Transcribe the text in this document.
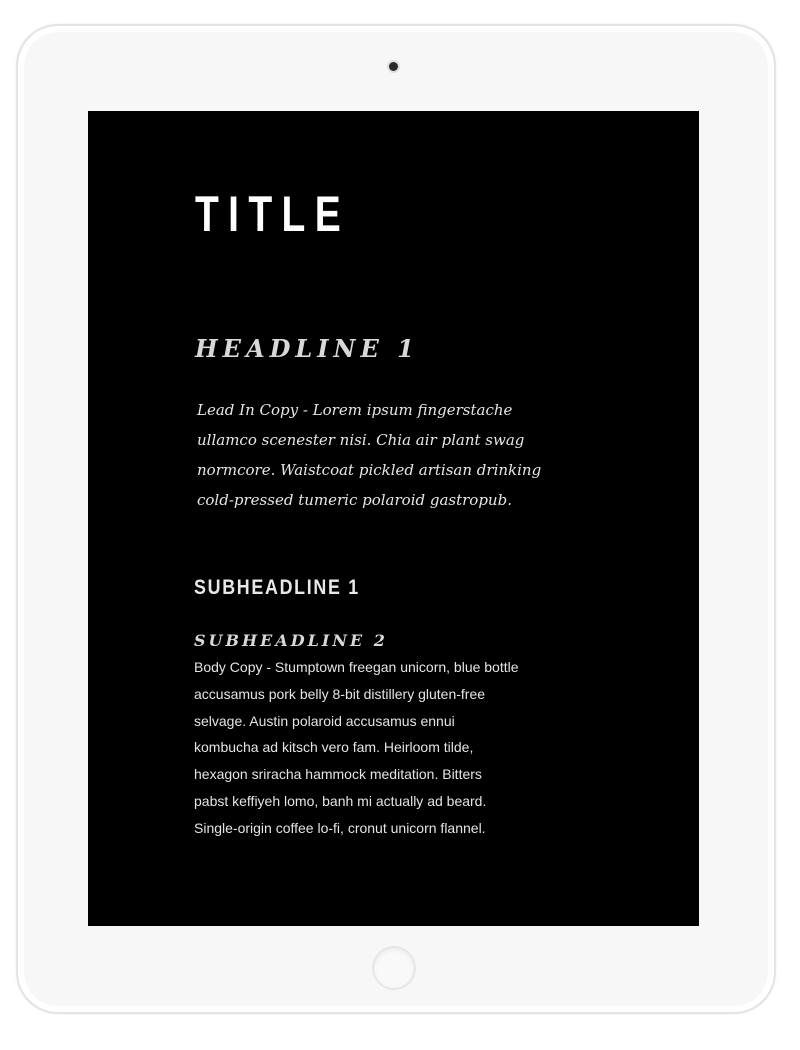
TITLE
HEADLINE 1

Lead In Copy - Lorem ipsum fingerstache
ullamco scenester nisi. Chia air plant swag
normcore. Waistcoat pickled artisan drinking
cold-pressed tumeric polaroid gastropub.

SUBHEADLINE 1
SUBHEADLINE 2

Body Copy - Stumptown freegan unicorn, blue bottle
accusamus pork belly 8-bit distillery gluten-free
selvage. Austin polaroid accusamus ennui
kombucha ad kitsch vero fam. Heirloom tilde,
hexagon sriracha hammock meditation. Bitters
pabst keffiyeh lomo, banh mi actually ad beard.
Single-origin coffee lo-fi, cronut unicorn flannel.
